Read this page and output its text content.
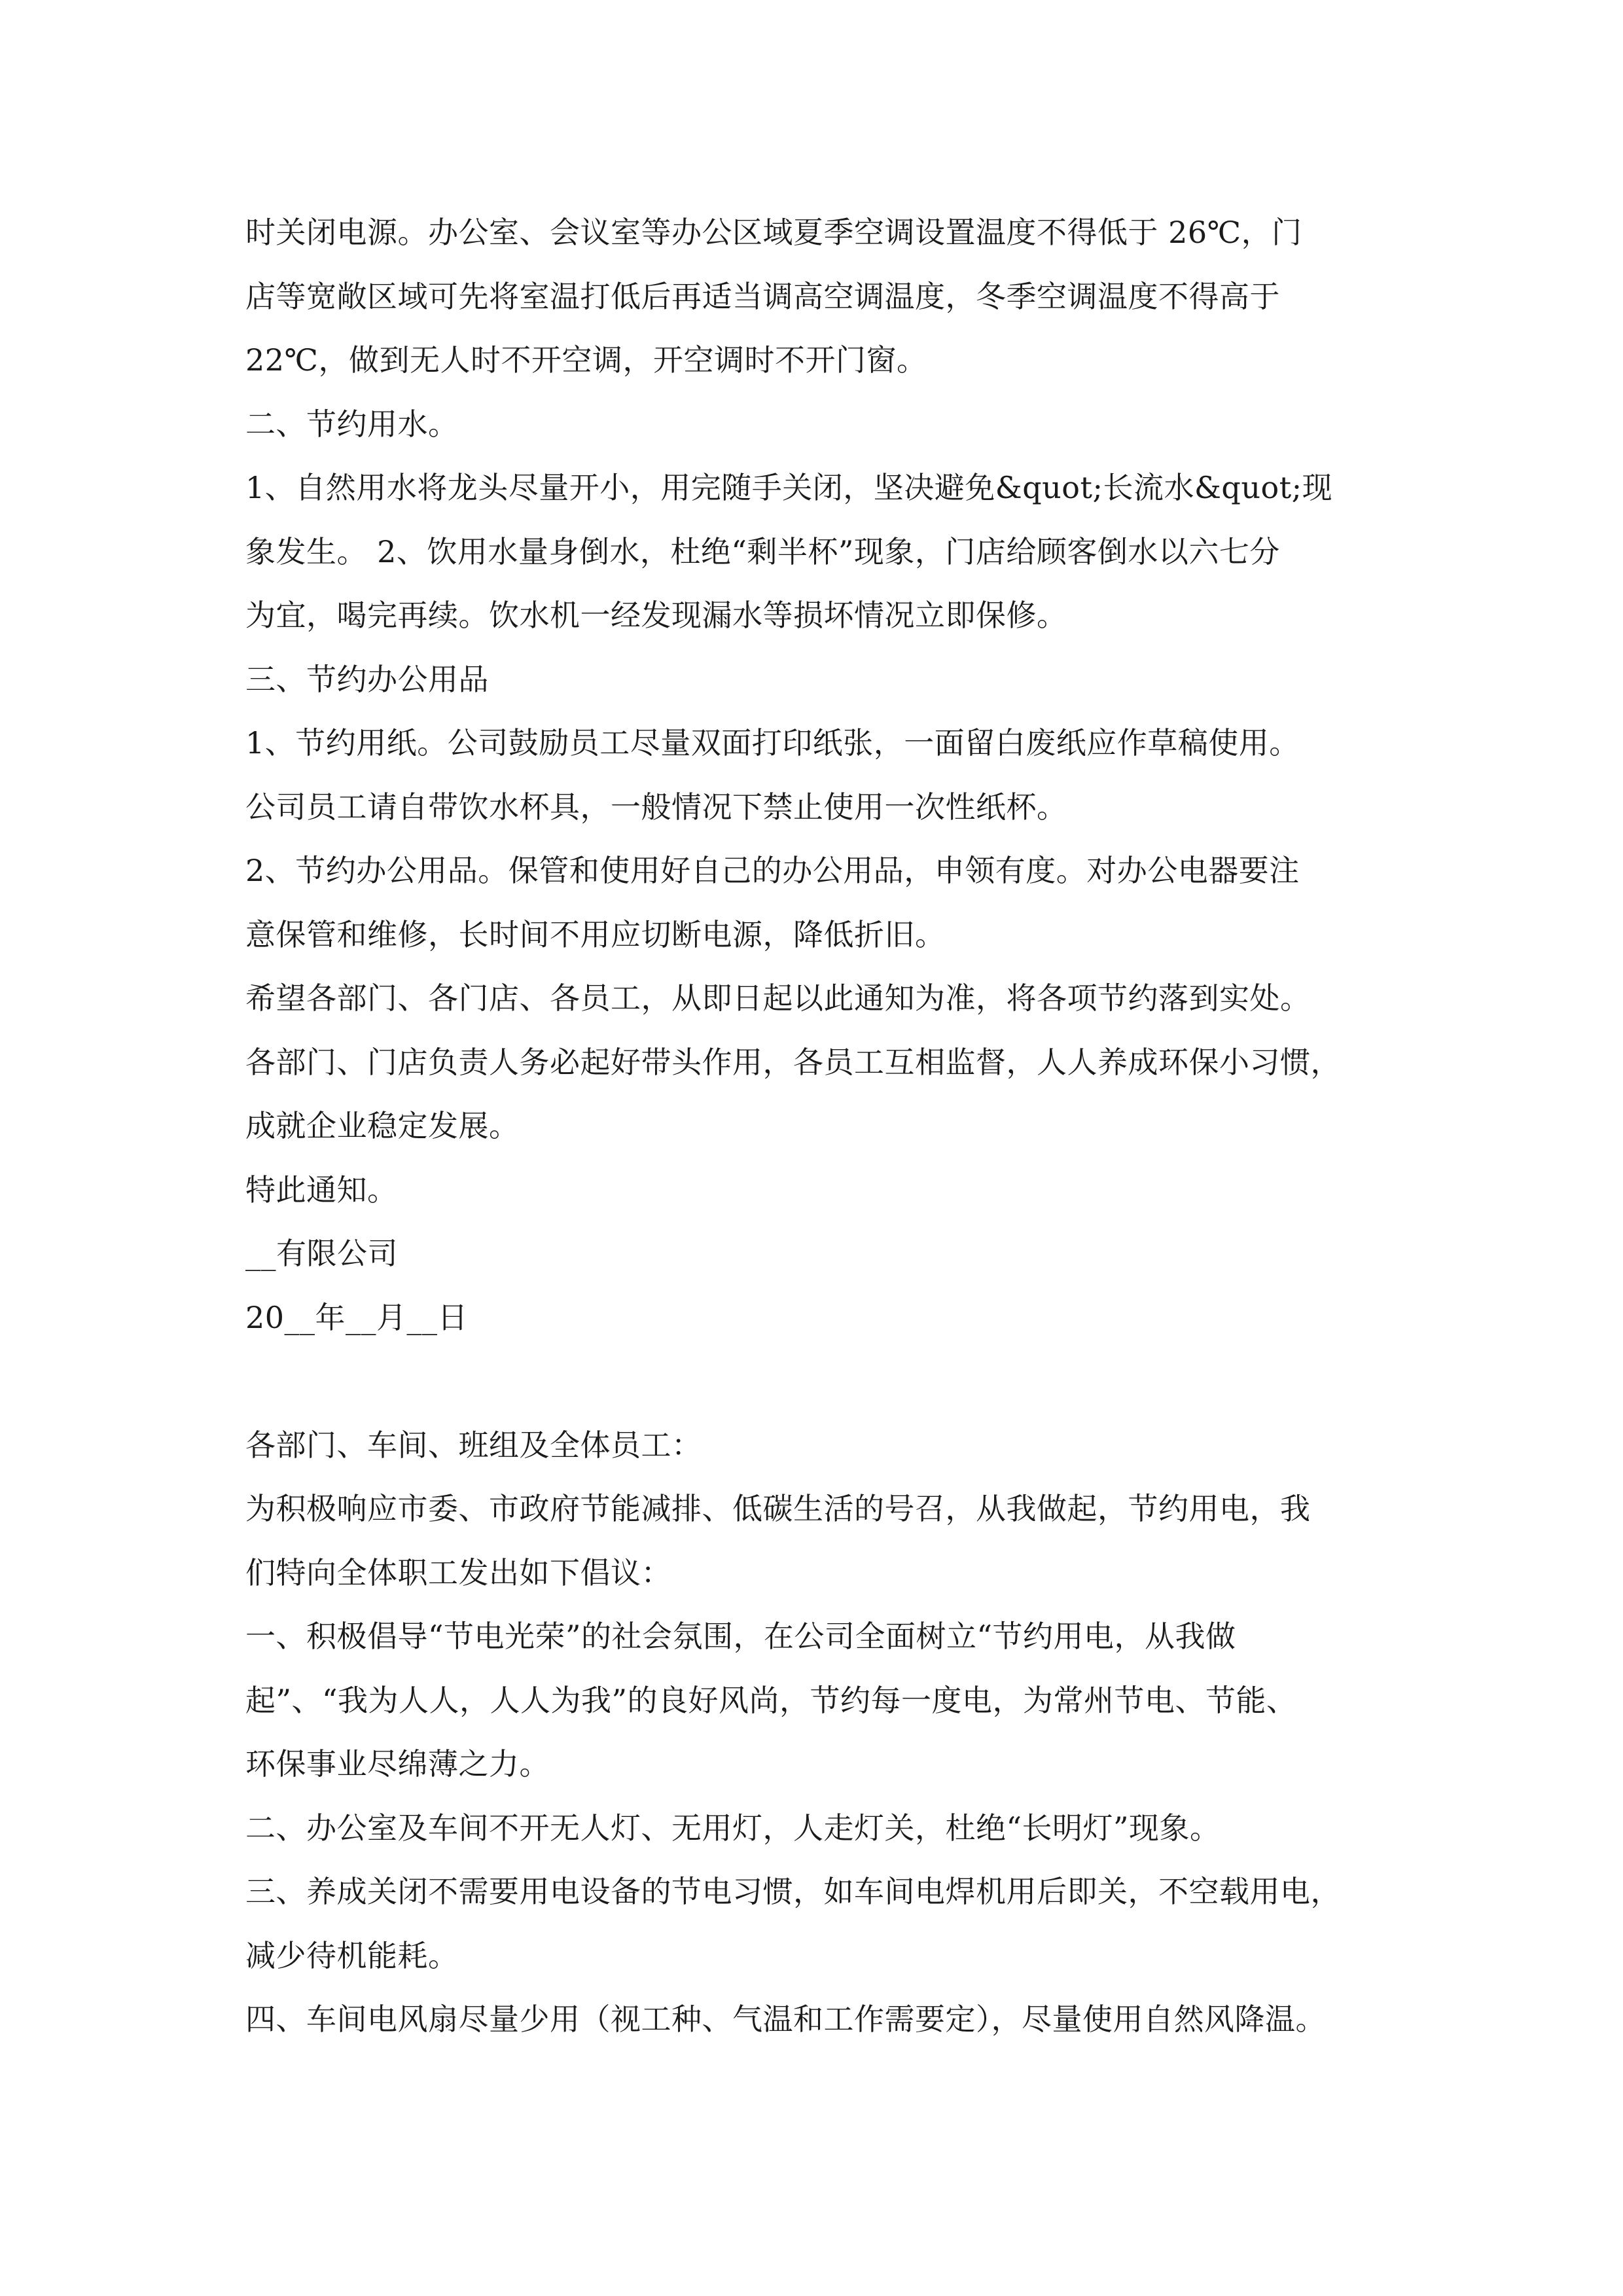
时关闭电源。办公室、会议室等办公区域夏季空调设置温度不得低于 26℃，门
店等宽敞区域可先将室温打低后再适当调高空调温度，冬季空调温度不得高于
22℃，做到无人时不开空调，开空调时不开门窗。
二、节约用水。
1、自然用水将龙头尽量开小，用完随手关闭，坚决避免&quot;长流水&quot;现
象发生。 2、饮用水量身倒水，杜绝“剩半杯”现象，门店给顾客倒水以六七分
为宜，喝完再续。饮水机一经发现漏水等损坏情况立即保修。
三、节约办公用品
1、节约用纸。公司鼓励员工尽量双面打印纸张，一面留白废纸应作草稿使用。
公司员工请自带饮水杯具，一般情况下禁止使用一次性纸杯。
2、节约办公用品。保管和使用好自己的办公用品，申领有度。对办公电器要注
意保管和维修，长时间不用应切断电源，降低折旧。
希望各部门、各门店、各员工，从即日起以此通知为准，将各项节约落到实处。
各部门、门店负责人务必起好带头作用，各员工互相监督，人人养成环保小习惯，
成就企业稳定发展。
特此通知。
__有限公司
20__年__月__日
各部门、车间、班组及全体员工：
为积极响应市委、市政府节能减排、低碳生活的号召，从我做起，节约用电，我
们特向全体职工发出如下倡议：
一、积极倡导“节电光荣”的社会氛围，在公司全面树立“节约用电，从我做
起”、“我为人人，人人为我”的良好风尚，节约每一度电，为常州节电、节能、
环保事业尽绵薄之力。
二、办公室及车间不开无人灯、无用灯，人走灯关，杜绝“长明灯”现象。
三、养成关闭不需要用电设备的节电习惯，如车间电焊机用后即关，不空载用电，
减少待机能耗。
四、车间电风扇尽量少用（视工种、气温和工作需要定），尽量使用自然风降温。
